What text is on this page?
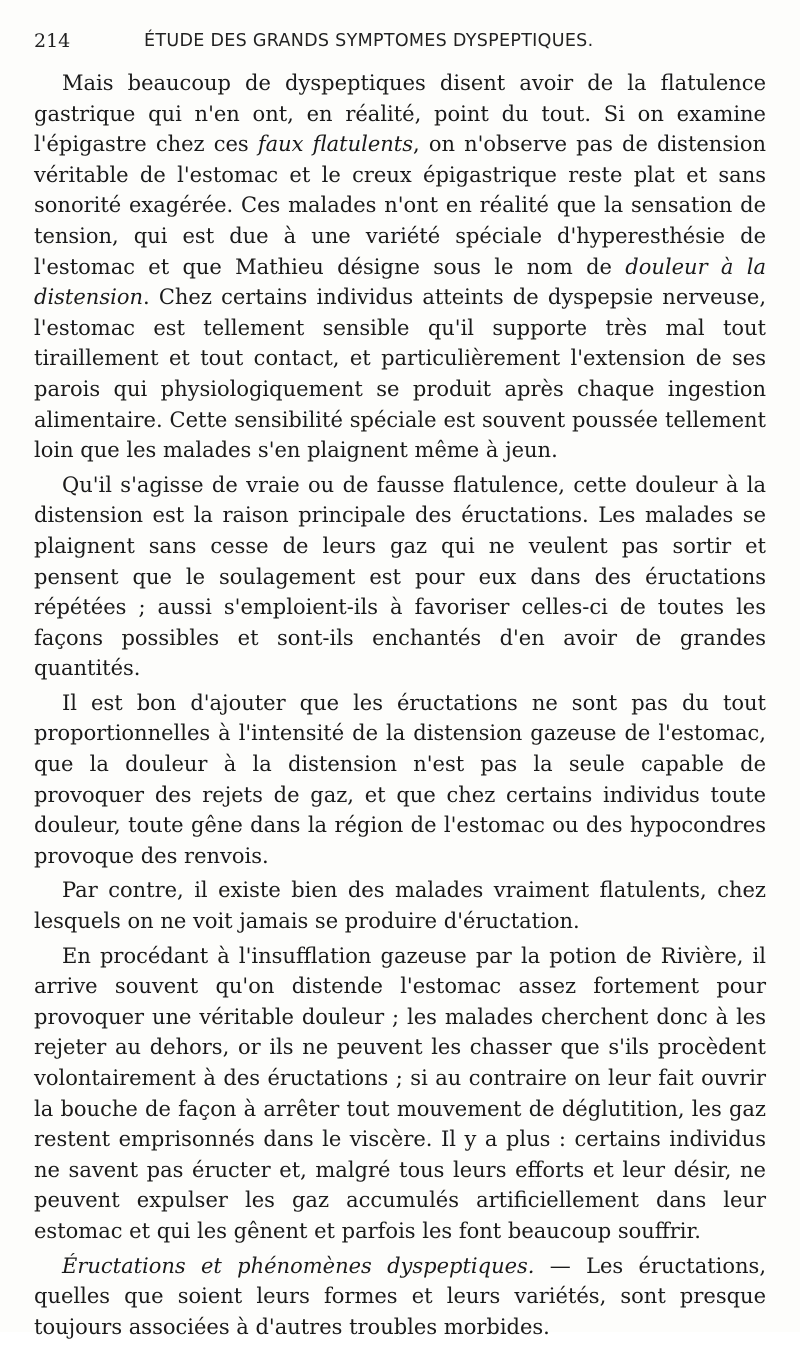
214	ÉTUDE DES GRANDS SYMPTOMES DYSPEPTIQUES.

Mais beaucoup de dyspeptiques disent avoir de la flatulence gastrique qui n'en ont, en réalité, point du tout. Si on examine l'épigastre chez ces faux flatulents, on n'observe pas de distension véritable de l'estomac et le creux épigastrique reste plat et sans sonorité exagérée. Ces malades n'ont en réalité que la sensation de tension, qui est due à une variété spéciale d'hyperesthésie de l'estomac et que Mathieu désigne sous le nom de douleur à la distension. Chez certains individus atteints de dyspepsie nerveuse, l'estomac est tellement sensible qu'il supporte très mal tout tiraillement et tout contact, et particulièrement l'extension de ses parois qui physiologiquement se produit après chaque ingestion alimentaire. Cette sensibilité spéciale est souvent poussée tellement loin que les malades s'en plaignent même à jeun.

Qu'il s'agisse de vraie ou de fausse flatulence, cette douleur à la distension est la raison principale des éructations. Les malades se plaignent sans cesse de leurs gaz qui ne veulent pas sortir et pensent que le soulagement est pour eux dans des éructations répétées ; aussi s'emploient-ils à favoriser celles-ci de toutes les façons possibles et sont-ils enchantés d'en avoir de grandes quantités.

Il est bon d'ajouter que les éructations ne sont pas du tout proportionnelles à l'intensité de la distension gazeuse de l'estomac, que la douleur à la distension n'est pas la seule capable de provoquer des rejets de gaz, et que chez certains individus toute douleur, toute gêne dans la région de l'estomac ou des hypocondres provoque des renvois.

Par contre, il existe bien des malades vraiment flatulents, chez lesquels on ne voit jamais se produire d'éructation.

En procédant à l'insufflation gazeuse par la potion de Rivière, il arrive souvent qu'on distende l'estomac assez fortement pour provoquer une véritable douleur ; les malades cherchent donc à les rejeter au dehors, or ils ne peuvent les chasser que s'ils procèdent volontairement à des éructations ; si au contraire on leur fait ouvrir la bouche de façon à arrêter tout mouvement de déglutition, les gaz restent emprisonnés dans le viscère. Il y a plus : certains individus ne savent pas éructer et, malgré tous leurs efforts et leur désir, ne peuvent expulser les gaz accumulés artificiellement dans leur estomac et qui les gênent et parfois les font beaucoup souffrir.

Éructations et phénomènes dyspeptiques. — Les éructations, quelles que soient leurs formes et leurs variétés, sont presque toujours associées à d'autres troubles morbides.
